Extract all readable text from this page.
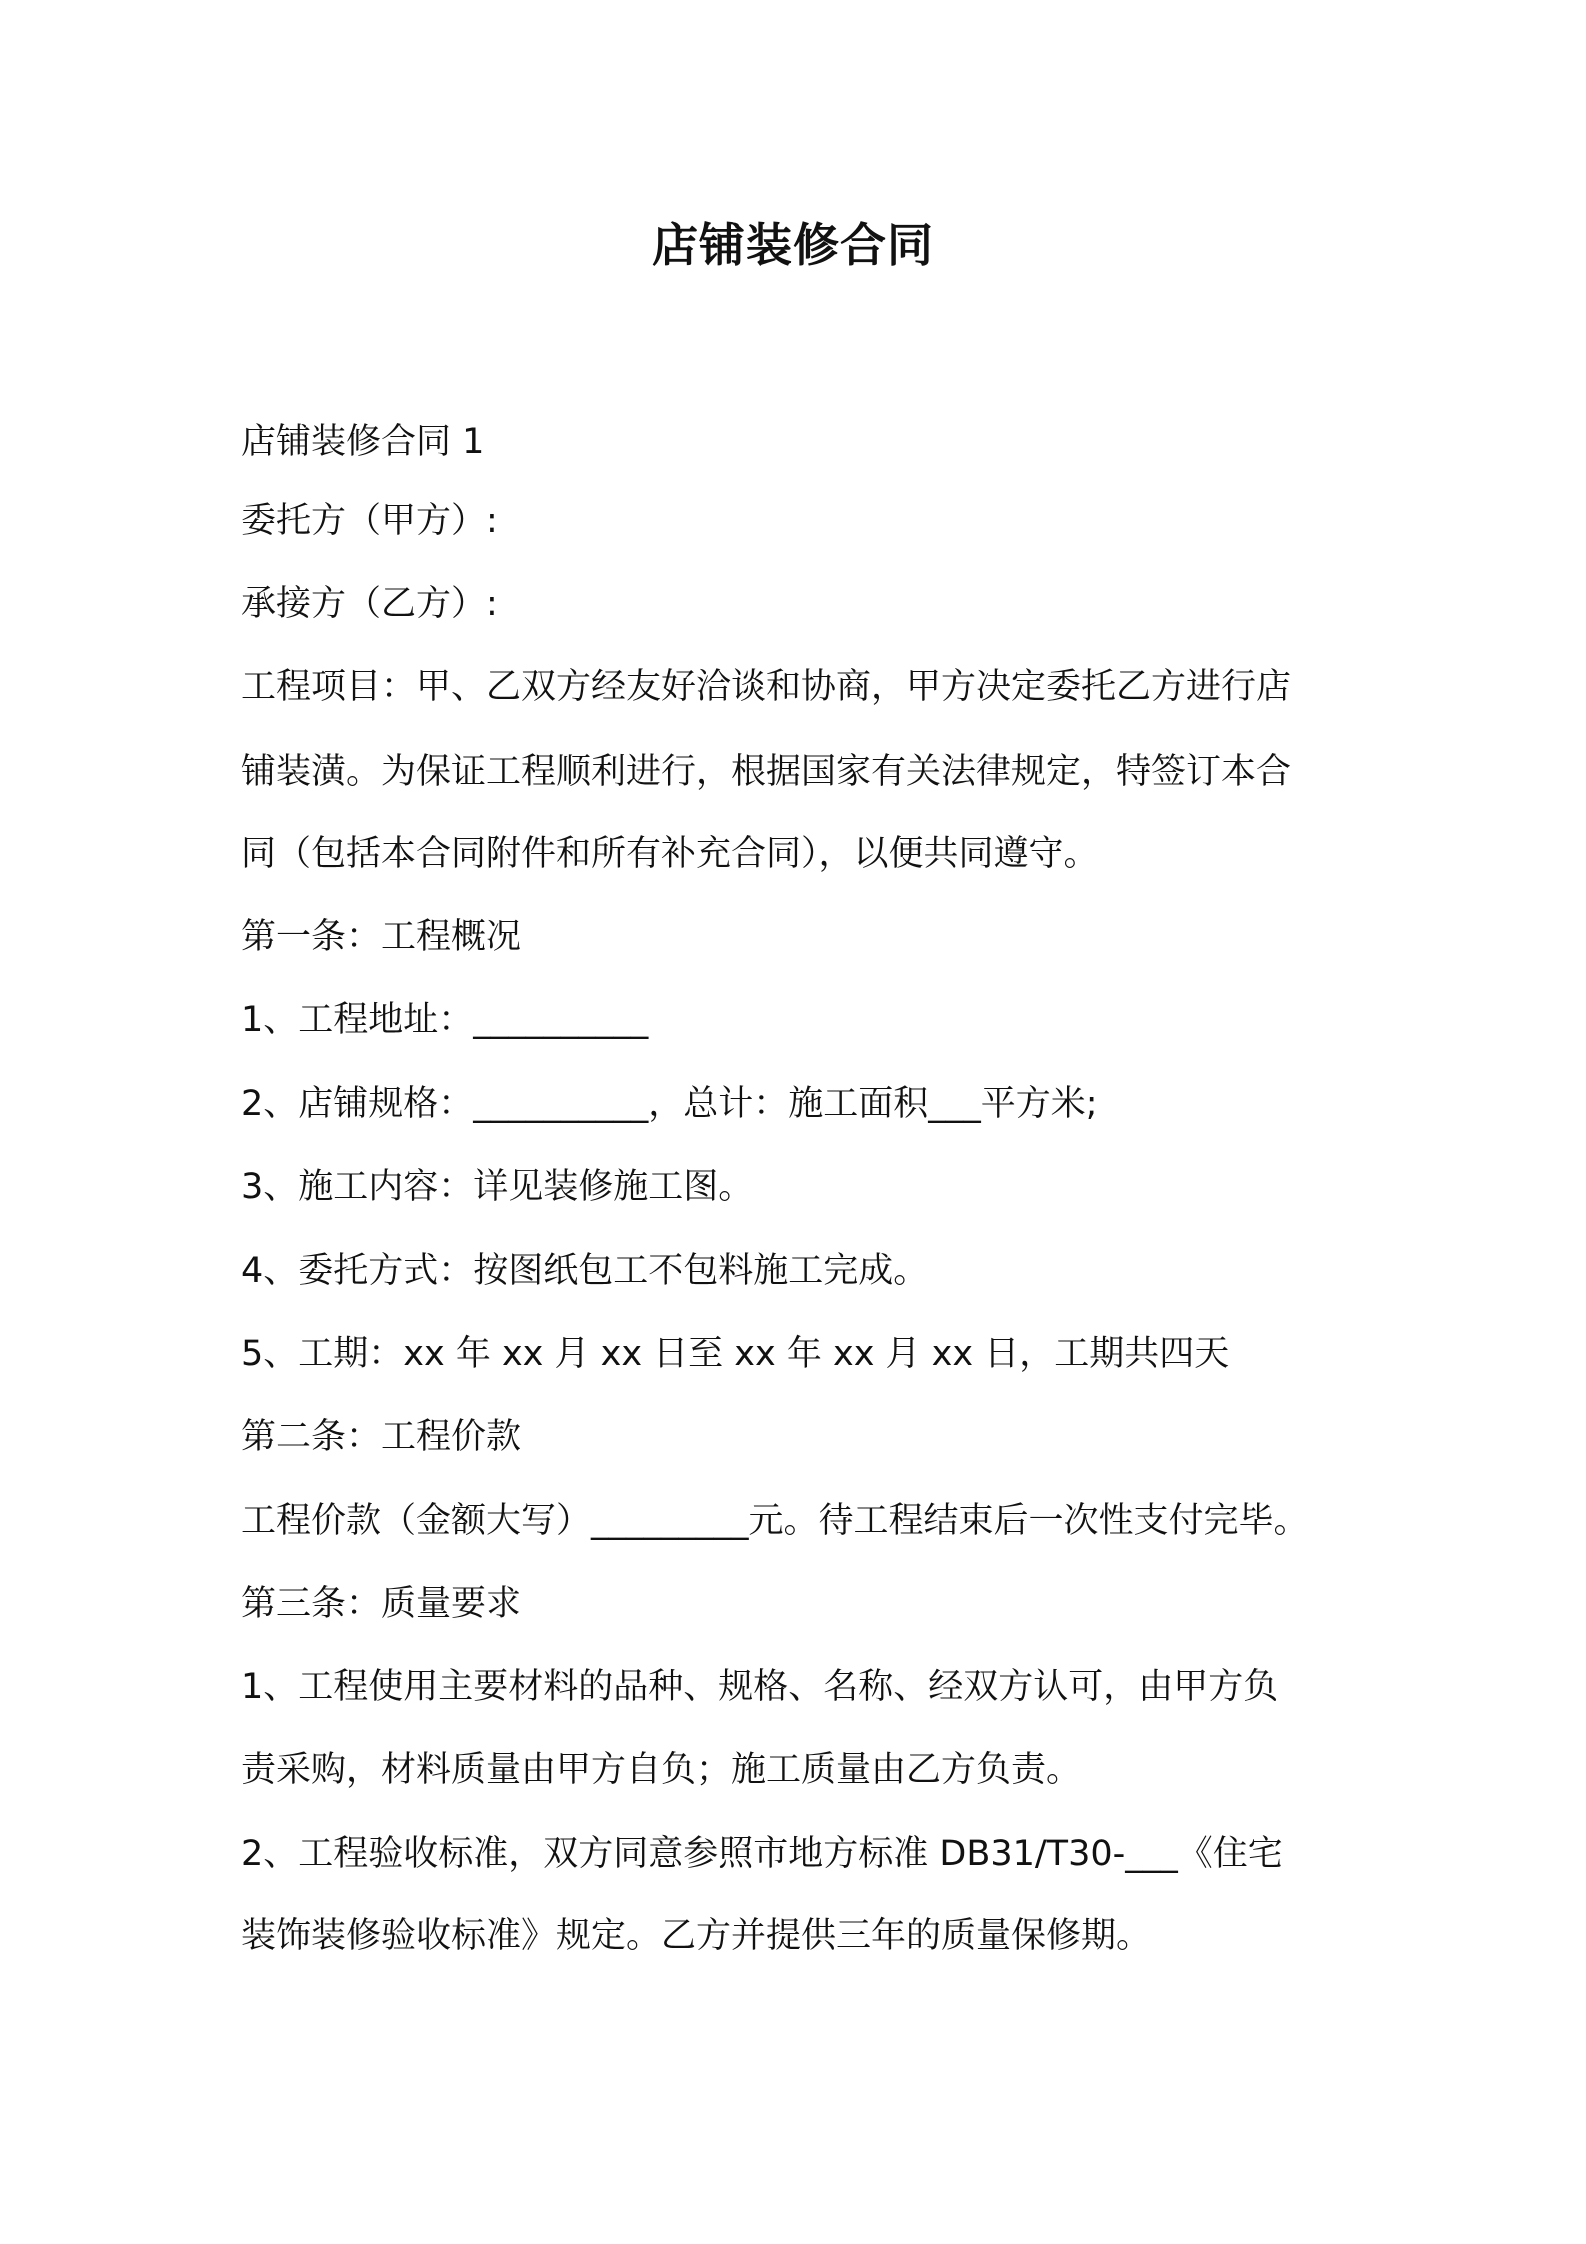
店铺装修合同
店铺装修合同 1
委托方（甲方）:
承接方（乙方）:
工程项目：甲、乙双方经友好洽谈和协商，甲方决定委托乙方进行店
铺装潢。为保证工程顺利进行，根据国家有关法律规定，特签订本合
同（包括本合同附件和所有补充合同），以便共同遵守。
第一条：工程概况
1、工程地址：__________
2、店铺规格：__________，总计：施工面积___平方米;
3、施工内容：详见装修施工图。
4、委托方式：按图纸包工不包料施工完成。
5、工期：xx 年 xx 月 xx 日至 xx 年 xx 月 xx 日，工期共四天
第二条：工程价款
工程价款（金额大写）_________元。待工程结束后一次性支付完毕。
第三条：质量要求
1、工程使用主要材料的品种、规格、名称、经双方认可，由甲方负
责采购，材料质量由甲方自负；施工质量由乙方负责。
2、工程验收标准，双方同意参照市地方标准 DB31/T30-___《住宅
装饰装修验收标准》规定。乙方并提供三年的质量保修期。
